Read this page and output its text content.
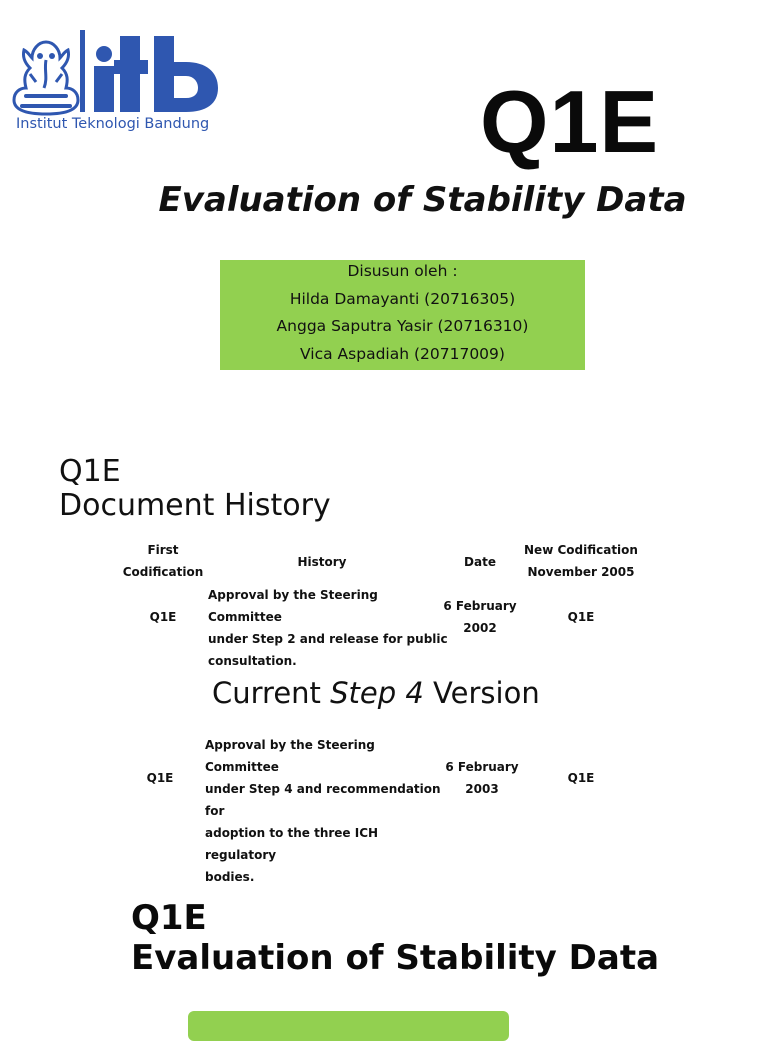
Institut Teknologi Bandung	Q1E
Evaluation of Stability Data
Disusun oleh :
Hilda Damayanti (20716305)
Angga Saputra Yasir (20716310)
Vica Aspadiah (20717009)
Q1E
Document History
First
Codification
History	Date
New Codification
November 2005
Q1E
Approval by the Steering Committee
under Step 2 and release for public
consultation.
6 February
2002
Q1E
Current Step 4 Version
Q1E
Approval by the Steering Committee
under Step 4 and recommendation for
adoption to the three ICH regulatory
bodies.
6 February
2003
Q1E
Q1E
Evaluation of Stability Data
